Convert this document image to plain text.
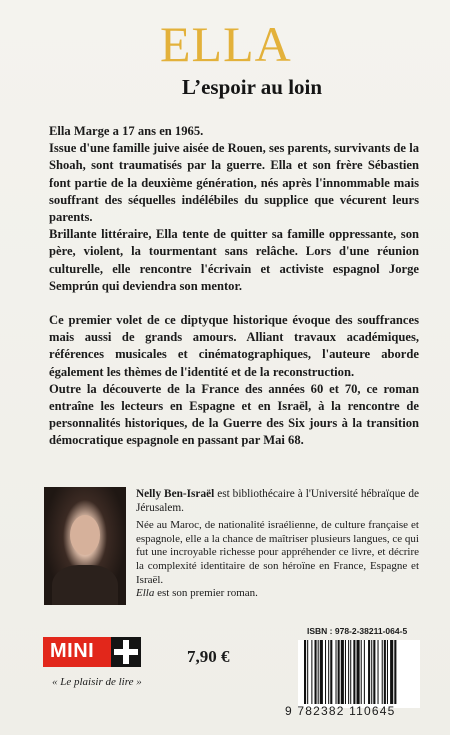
ELLA
L’espoir au loin

Ella Marge a 17 ans en 1965.

Issue d'une famille juive aisée de Rouen, ses parents, survivants de la Shoah, sont traumatisés par la guerre. Ella et son frère Sébastien font partie de la deuxième génération, nés après l'innommable mais souffrant des séquelles indélébiles du supplice que vécurent leurs parents.

Brillante littéraire, Ella tente de quitter sa famille oppressante, son père, violent, la tourmentant sans relâche. Lors d'une réunion culturelle, elle rencontre l'écrivain et activiste espagnol Jorge Semprún qui deviendra son mentor.

Ce premier volet de ce diptyque historique évoque des souffrances mais aussi de grands amours. Alliant travaux académiques, références musicales et cinématographiques, l'auteure aborde également les thèmes de l'identité et de la reconstruction.

Outre la découverte de la France des années 60 et 70, ce roman entraîne les lecteurs en Espagne et en Israël, à la rencontre de personnalités historiques, de la Guerre des Six jours à la transition démocratique espagnole en passant par Mai 68.

Nelly Ben-Israël est bibliothécaire à l'Université hébraïque de Jérusalem.

Née au Maroc, de nationalité israélienne, de culture française et espagnole, elle a la chance de maîtriser plusieurs langues, ce qui fut une incroyable richesse pour appréhender ce livre, et décrire la complexité identitaire de son héroïne en France, Espagne et Israël.

Ella est son premier roman.

MINI
« Le plaisir de lire »
7,90 €
ISBN : 978-2-38211-064-5
9 782382 110645
